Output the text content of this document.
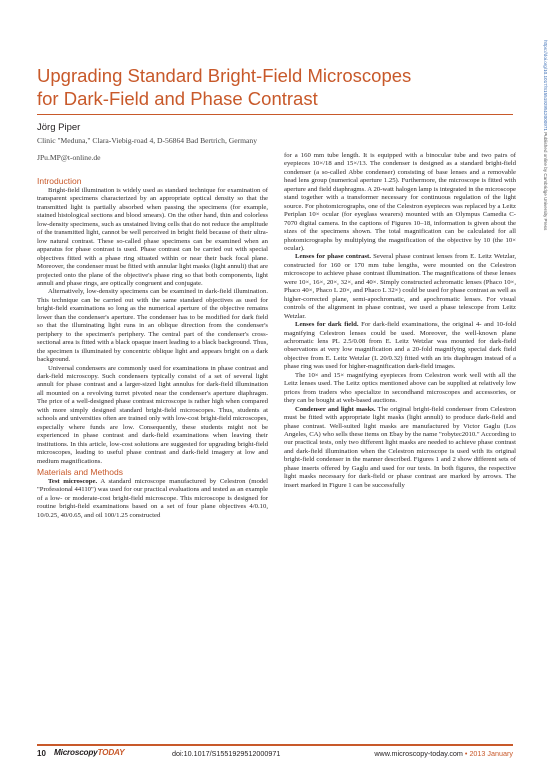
https://doi.org/10.1017/S1551929512000971 Published online by Cambridge University Press
Upgrading Standard Bright-Field Microscopes
for Dark-Field and Phase Contrast
Jörg Piper
Clinic "Meduna," Clara-Viebig-road 4, D-56864 Bad Bertrich, Germany
JPu.MP@t-online.de
Introduction

Bright-field illumination is widely used as standard technique for examination of transparent specimens characterized by an appropriate optical density so that the transmitted light is partially absorbed when passing the specimens (for example, stained histological sections and blood smears). On the other hand, thin and colorless low-density specimens, such as unstained living cells that do not reduce the amplitude of the transmitted light, cannot be well perceived in bright field because of their ultra-low natural contrast. These so-called phase specimens can be examined when an apparatus for phase contrast is used. Phase contrast can be carried out with special objectives fitted with a phase ring situated within or near their back focal plane. Moreover, the condenser must be fitted with annular light masks (light annuli) that are projected onto the plane of the objective's phase ring so that both components, light annuli and phase rings, are optically congruent and conjugate.

Alternatively, low-density specimens can be examined in dark-field illumination. This technique can be carried out with the same standard objectives as used for bright-field examinations so long as the numerical aperture of the objective remains lower than the condenser's aperture. The condenser has to be modified for dark field so that the illuminating light runs in an oblique direction from the condenser's periphery to the specimen's periphery. The central part of the condenser's cross-sectional area is fitted with a black opaque insert leading to a black background. Thus, the specimen is illuminated by concentric oblique light and appears bright on a dark background.

Universal condensers are commonly used for examinations in phase contrast and dark-field microscopy. Such condensers typically consist of a set of several light annuli for phase contrast and a larger-sized light annulus for dark-field illumination all mounted on a revolving turret pivoted near the condenser's aperture diaphragm. The price of a well-designed phase contrast microscope is rather high when compared with more simply designed standard bright-field microscopes. Thus, students at schools and universities often are trained only with low-cost bright-field microscopes, especially where funds are low. Consequently, these students might not be experienced in phase contrast and dark-field examinations when leaving their institutions. In this article, low-cost solutions are suggested for upgrading bright-field microscopes, leading to useful phase contrast and dark-field imagery at low and medium magnifications.

Materials and Methods

Test microscope. A standard microscope manufactured by Celestron (model "Professional 44110") was used for our practical evaluations and tested as an example of a low- or moderate-cost bright-field microscope. This microscope is designed for routine bright-field examinations based on a set of four plane objectives 4/0.10, 10/0.25, 40/0.65, and oil 100/1.25 constructed

for a 160 mm tube length. It is equipped with a binocular tube and two pairs of eyepieces 10×/18 and 15×/13. The condenser is designed as a standard bright-field condenser (a so-called Abbe condenser) consisting of base lenses and a removable head lens group (numerical aperture 1.25). Furthermore, the microscope is fitted with aperture and field diaphragms. A 20-watt halogen lamp is integrated in the microscope stand together with a transformer necessary for continuous regulation of the light source. For photomicrographs, one of the Celestron eyepieces was replaced by a Leitz Periplan 10× ocular (for eyeglass wearers) mounted with an Olympus Camedia C-7070 digital camera. In the captions of Figures 10–18, information is given about the sizes of the specimens shown. The total magnification can be calculated for all photomicrographs by multiplying the magnification of the objective by 10 (the 10× ocular).

Lenses for phase contrast. Several phase contrast lenses from E. Leitz Wetzlar, constructed for 160 or 170 mm tube lengths, were mounted on the Celestron microscope to achieve phase contrast illumination. The magnifications of these lenses were 10×, 16×, 20×, 32×, and 40×. Simply constructed achromatic lenses (Phaco 10×, Phaco 40×, Phaco L 20×, and Phaco L 32×) could be used for phase contrast as well as higher-corrected plane, semi-apochromatic, and apochromatic lenses. For visual controls of the alignment in phase contrast, we used a phase telescope from Leitz Wetzlar.

Lenses for dark field. For dark-field examinations, the original 4- and 10-fold magnifying Celestron lenses could be used. Moreover, the well-known plane achromatic lens PL 2.5/0.08 from E. Leitz Wetzlar was mounted for dark-field observations at very low magnification and a 20-fold magnifying special dark field objective from E. Leitz Wetzlar (L 20/0.32) fitted with an iris diaphragm instead of a phase ring was used for higher-magnification dark-field images.

The 10× and 15× magnifying eyepieces from Celestron work well with all the Leitz lenses used. The Leitz optics mentioned above can be supplied at relatively low prices from traders who specialize in secondhand microscopes and accessories, or they can be bought at web-based auctions.

Condenser and light masks. The original bright-field condenser from Celestron must be fitted with appropriate light masks (light annuli) to produce dark-field and phase contrast. Well-suited light masks are manufactured by Victor Gaglu (Los Angeles, CA) who sells these items on Ebay by the name "robytec2010." According to our practical tests, only two different light masks are needed to achieve phase contrast and dark-field illumination when the Celestron microscope is used with its original bright-field condenser in the manner described. Figures 1 and 2 show different sets of phase inserts offered by Gaglu and used for our tests. In both figures, the respective light masks necessary for dark-field or phase contrast are marked by arrows. The insert marked in Figure 1 can be successfully

10 MicroscopyTODAY	doi:10.1017/S1551929512000971	www.microscopy-today.com • 2013 January
